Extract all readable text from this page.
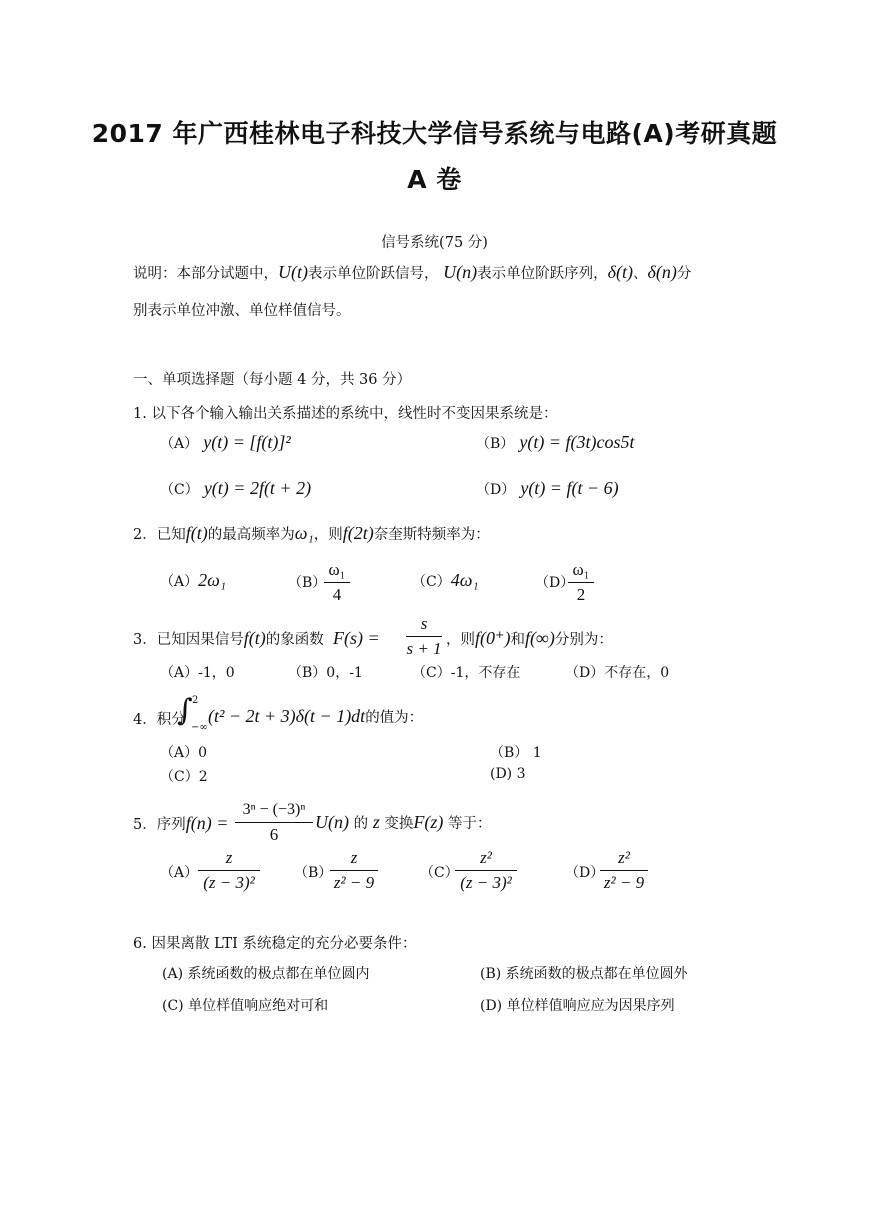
2017 年广西桂林电子科技大学信号系统与电路(A)考研真题
A 卷
信号系统(75 分)
说明：本部分试题中，U(t)表示单位阶跃信号， U(n)表示单位阶跃序列，δ(t)、δ(n)分
别表示单位冲激、单位样值信号。
一、单项选择题（每小题 4 分，共 36 分）
1. 以下各个输入输出关系描述的系统中，线性时不变因果系统是：
（A） y(t) = [f(t)]²	（B） y(t) = f(3t)cos5t
（C） y(t) = 2f(t + 2)	（D） y(t) = f(t − 6)
2．已知f(t)的最高频率为ω₁，则f(2t)奈奎斯特频率为：
（A）2ω₁	（B）
ω₁
4
（C）4ω₁	（D）
ω₁
2
3．已知因果信号f(t)的象函数 F(s) =
s
s + 1 ，则f(0⁺)和f(∞)分别为：
（A）-1，0	（B）0，-1	（C）-1，不存在	（D）不存在，0
4．积分
∫ 2
−∞
(t² − 2t + 3)δ(t − 1)dt的值为：
（A）0	（B） 1
（C）2	(D) 3
5．序列f(n) =
3ⁿ − (−3)ⁿ
6
U(n) 的 z 变换F(z) 等于：
（A）
z
(z − 3)²	（B）
z
z² − 9	（C）
z²
(z − 3)²	（D）
z²
z² − 9
6. 因果离散 LTI 系统稳定的充分必要条件：
(A) 系统函数的极点都在单位圆内	(B) 系统函数的极点都在单位圆外
(C) 单位样值响应绝对可和	(D) 单位样值响应应为因果序列
